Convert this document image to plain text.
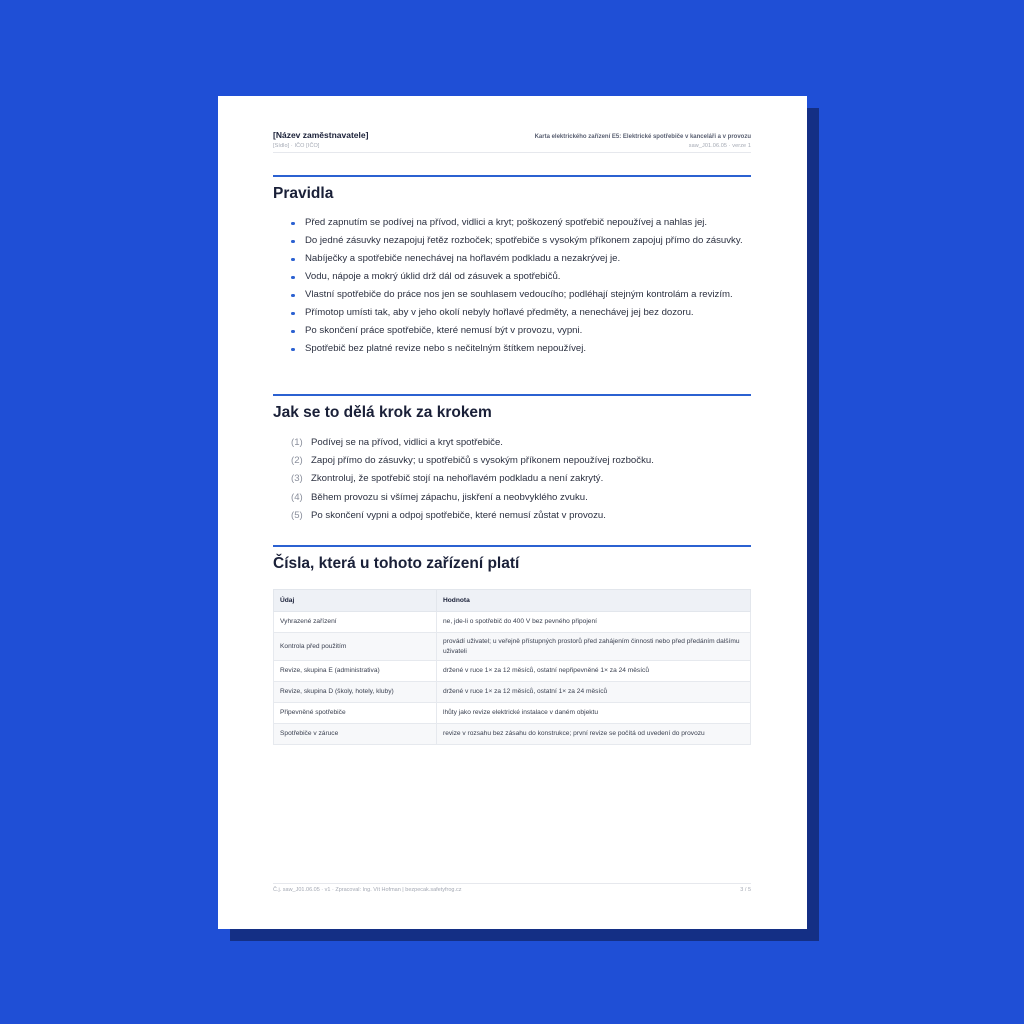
[Název zaměstnavatele]	Karta elektrického zařízení E5: Elektrické spotřebiče v kanceláři a v provozu
[Sídlo] · IČO [IČO]	saw_J01.06.05 · verze 1
Pravidla
Před zapnutím se podívej na přívod, vidlici a kryt; poškozený spotřebič nepoužívej a nahlas jej.
Do jedné zásuvky nezapojuj řetěz rozboček; spotřebiče s vysokým příkonem zapojuj přímo do zásuvky.
Nabíječky a spotřebiče nenechávej na hořlavém podkladu a nezakrývej je.
Vodu, nápoje a mokrý úklid drž dál od zásuvek a spotřebičů.
Vlastní spotřebiče do práce nos jen se souhlasem vedoucího; podléhají stejným kontrolám a revizím.
Přímotop umísti tak, aby v jeho okolí nebyly hořlavé předměty, a nenechávej jej bez dozoru.
Po skončení práce spotřebiče, které nemusí být v provozu, vypni.
Spotřebič bez platné revize nebo s nečitelným štítkem nepoužívej.
Jak se to dělá krok za krokem
(1) Podívej se na přívod, vidlici a kryt spotřebiče.
(2) Zapoj přímo do zásuvky; u spotřebičů s vysokým příkonem nepoužívej rozbočku.
(3) Zkontroluj, že spotřebič stojí na nehořlavém podkladu a není zakrytý.
(4) Během provozu si všímej zápachu, jiskření a neobvyklého zvuku.
(5) Po skončení vypni a odpoj spotřebiče, které nemusí zůstat v provozu.
Čísla, která u tohoto zařízení platí
Údaj	Hodnota
Vyhrazené zařízení	ne, jde-li o spotřebič do 400 V bez pevného připojení
Kontrola před použitím	provádí uživatel; u veřejně přístupných prostorů před zahájením činnosti nebo před předáním dalšímu uživateli
Revize, skupina E (administrativa)	držené v ruce 1× za 12 měsíců, ostatní nepřipevněné 1× za 24 měsíců
Revize, skupina D (školy, hotely, kluby)	držené v ruce 1× za 12 měsíců, ostatní 1× za 24 měsíců
Připevněné spotřebiče	lhůty jako revize elektrické instalace v daném objektu
Spotřebiče v záruce	revize v rozsahu bez zásahu do konstrukce; první revize se počítá od uvedení do provozu
Č.j. saw_J01.06.05 · v1 · Zpracoval: Ing. Vít Hofman | bezpecak.safetyfrog.cz	3 / 5
